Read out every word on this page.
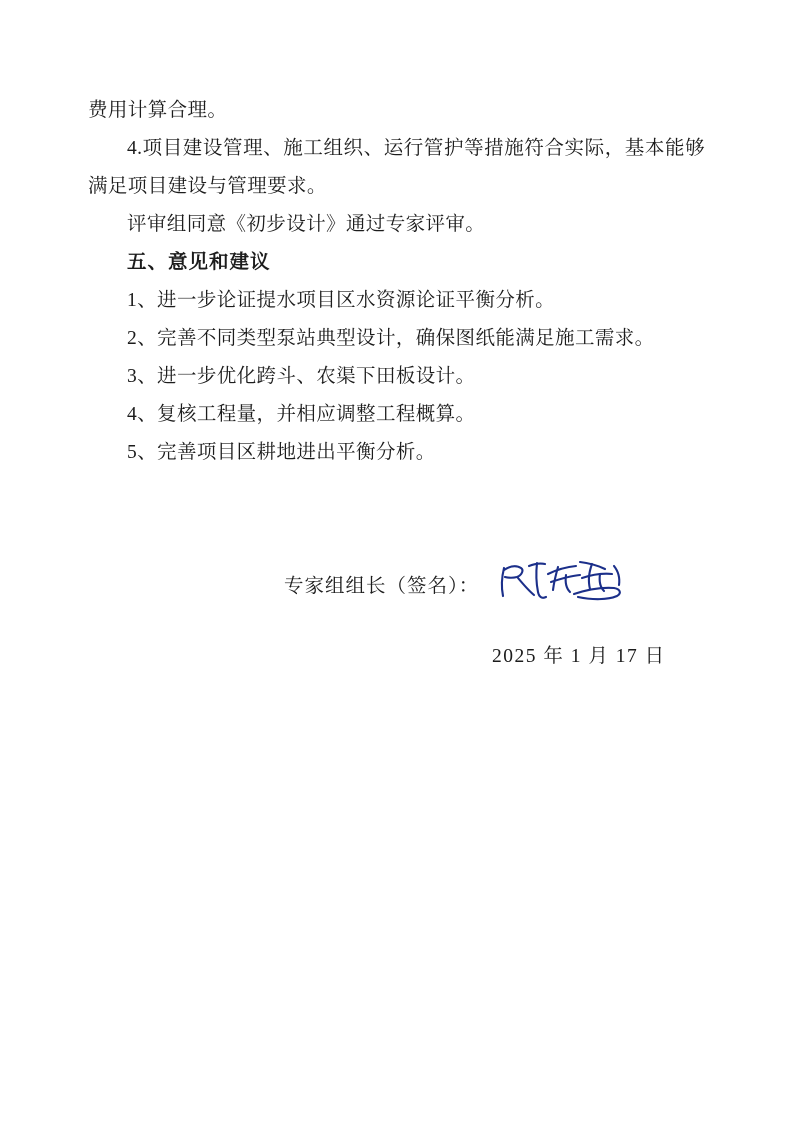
费用计算合理。

4.项目建设管理、施工组织、运行管护等措施符合实际，基本能够满足项目建设与管理要求。

评审组同意《初步设计》通过专家评审。

五、意见和建议

1、进一步论证提水项目区水资源论证平衡分析。
2、完善不同类型泵站典型设计，确保图纸能满足施工需求。
3、进一步优化跨斗、农渠下田板设计。
4、复核工程量，并相应调整工程概算。
5、完善项目区耕地进出平衡分析。
专家组组长（签名）：
2025 年 1 月 17 日
